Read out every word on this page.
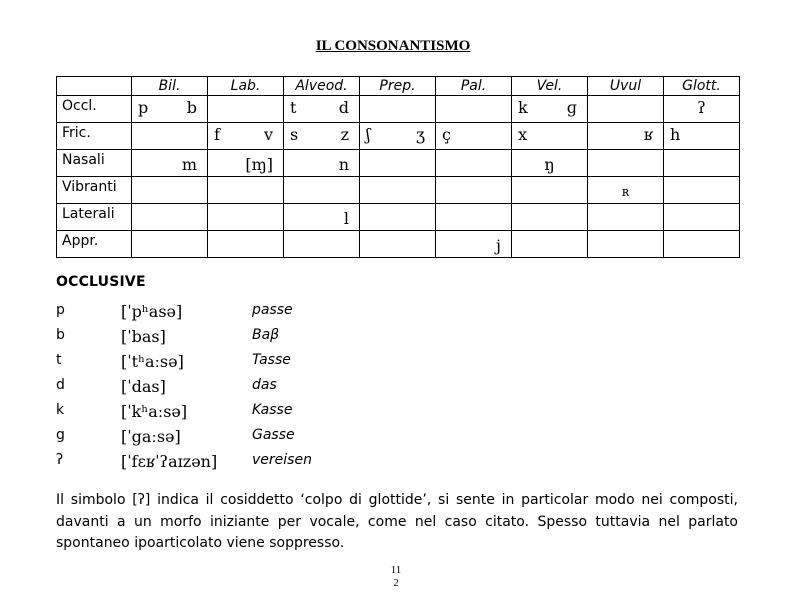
IL CONSONANTISMO
	Bil.	Lab.	Alveod.	Prep.	Pal.	Vel.	Uvul	Glott.
Occl.	p b		t d			k ɡ		ʔ

Fric.		f v	s z	ʃ ʒ	ç	x	ʁ	h

Nasali	m	[ɱ]	n			ŋ		

Vibranti							ʀ	

Laterali			l					

Appr.					j			

OCCLUSIVE
p	[ˈpʰasə]	passe
b	[ˈbas]	Baβ
t	[ˈtʰaːsə]	Tasse
d	[ˈdas]	das
k	[ˈkʰaːsə]	Kasse
g	[ˈgaːsə]	Gasse
ʔ	[ˈfɛʁˈʔaɪzən] vereisen
Il simbolo [ʔ] indica il cosiddetto ‘colpo di glottide’, si sente in particolar modo nei composti, davanti a un morfo iniziante per vocale, come nel caso citato. Spesso tuttavia nel parlato spontaneo ipoarticolato viene soppresso.
11
2
